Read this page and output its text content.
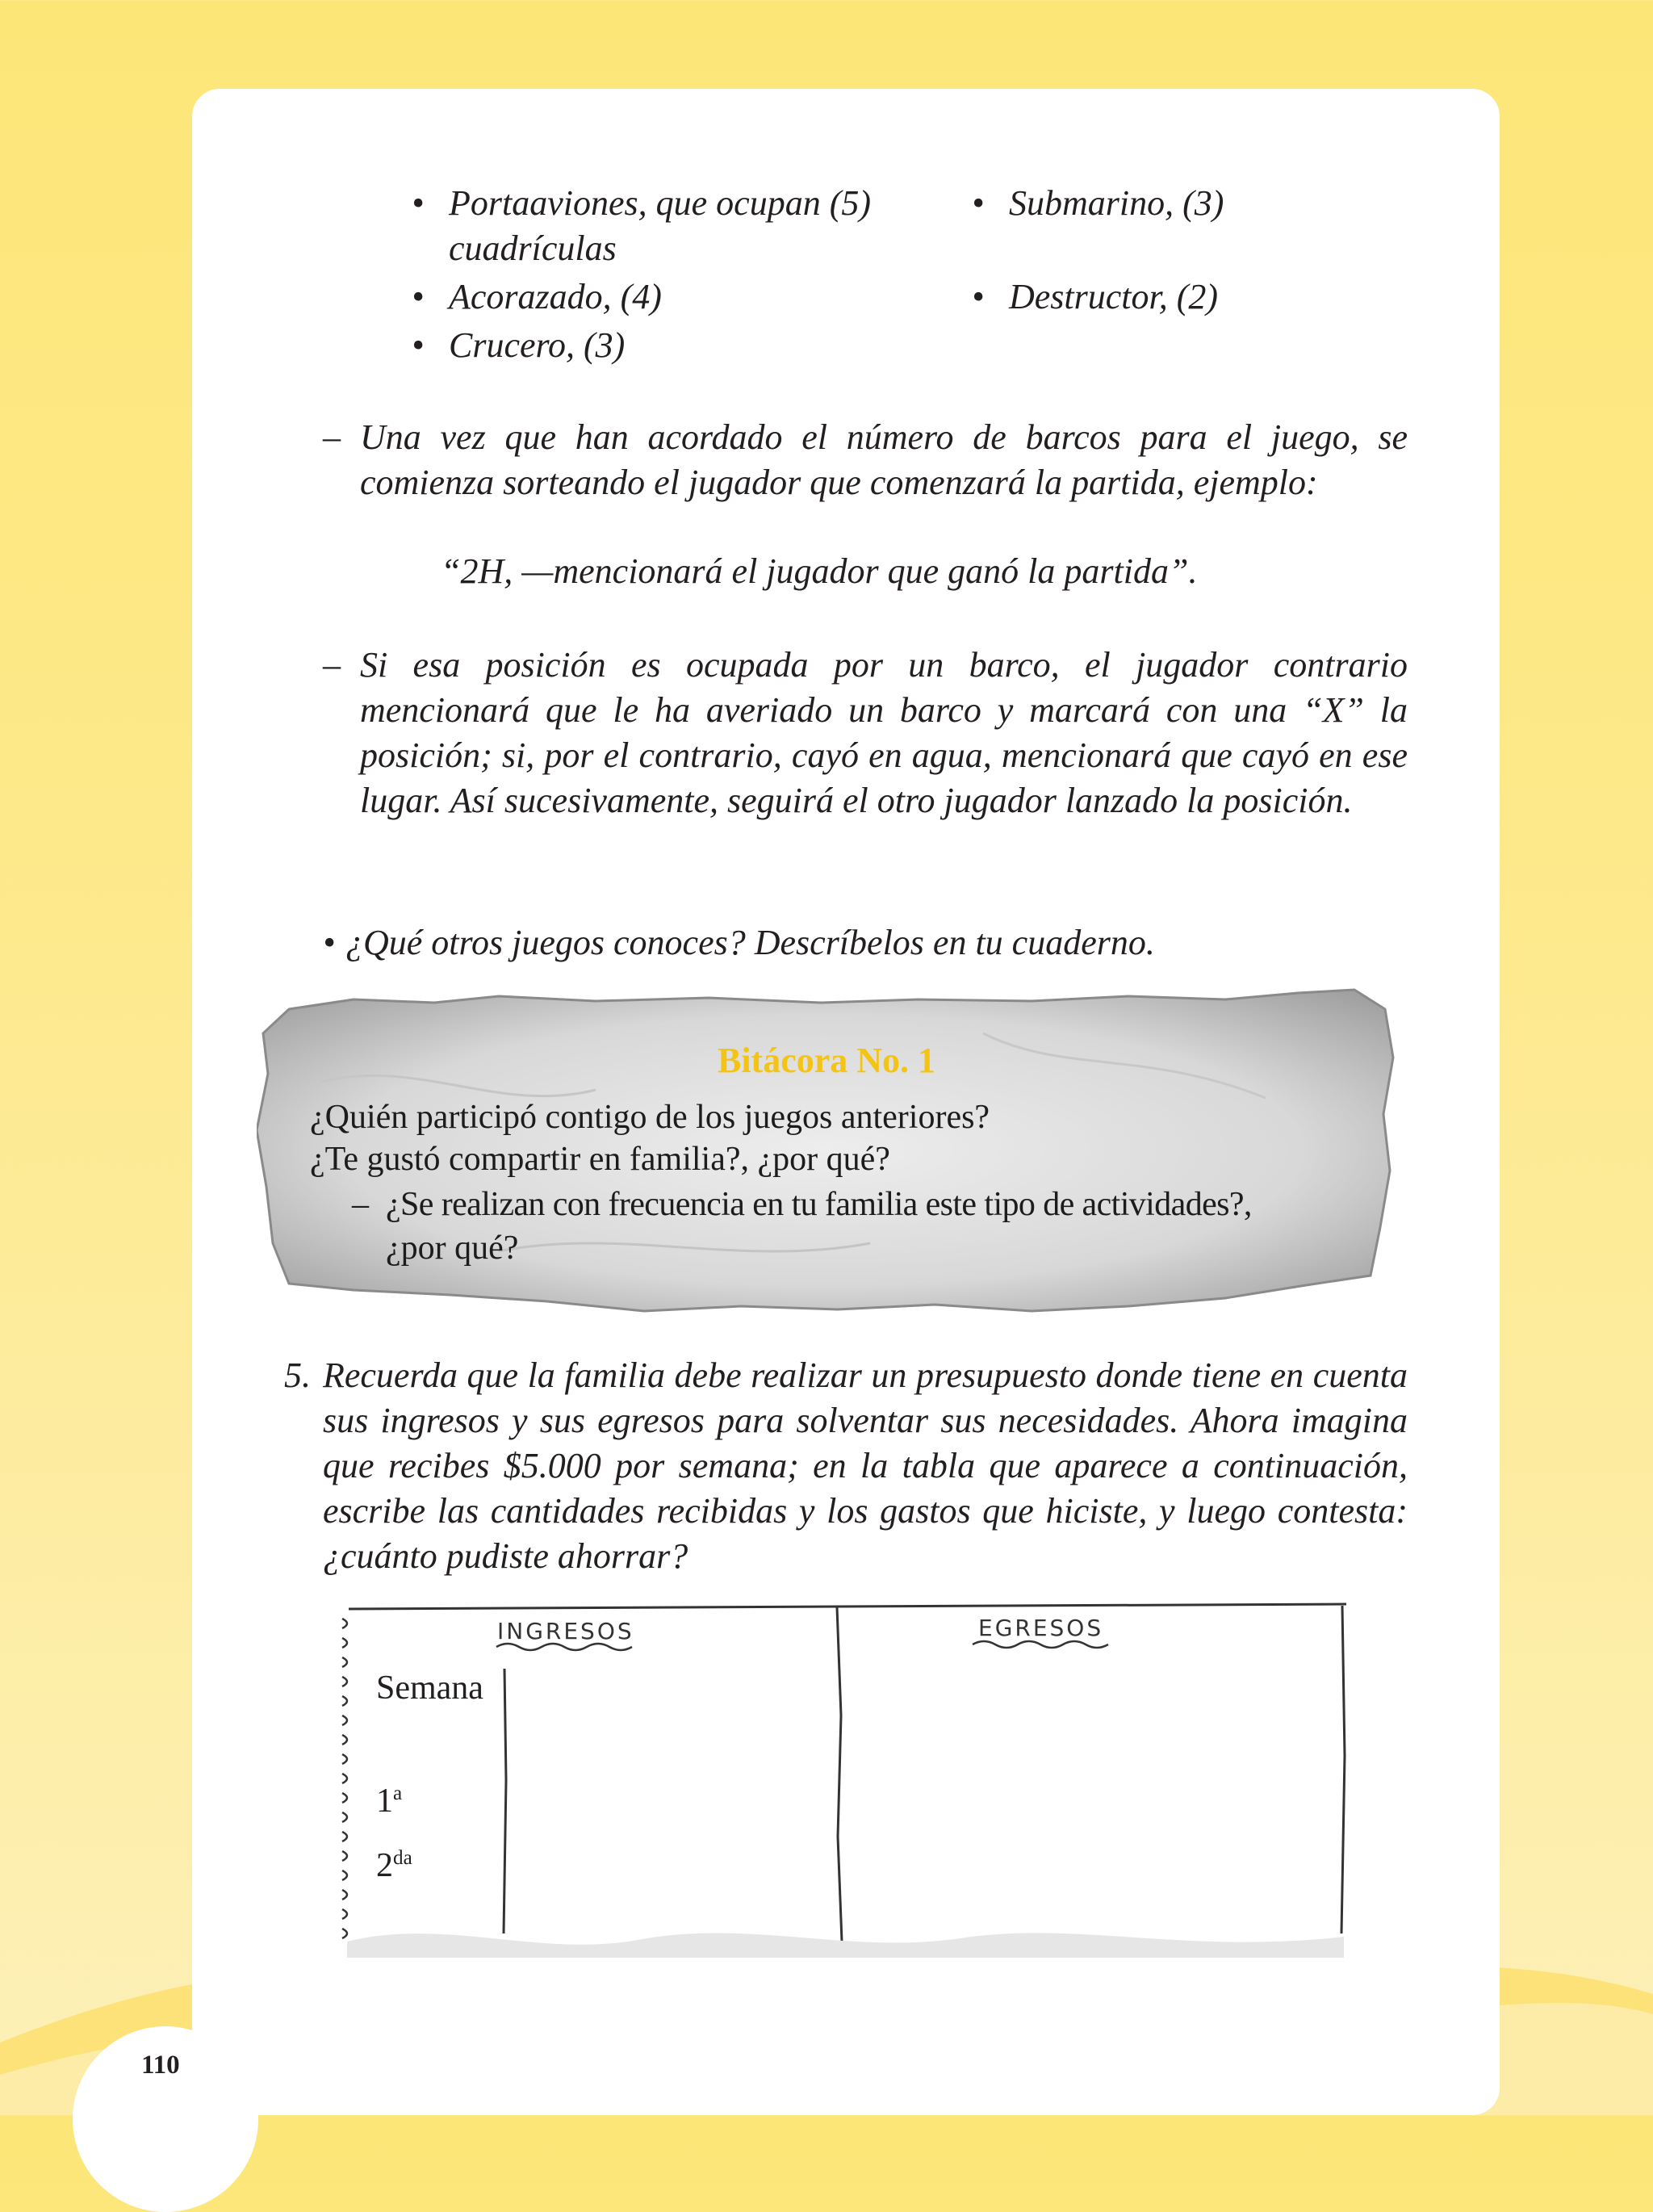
• Portaaviones, que ocupan (5) cuadrículas
• Acorazado, (4)
• Crucero, (3)
• Submarino, (3)
• Destructor, (2)
– Una vez que han acordado el número de barcos para el juego, se comienza sorteando el jugador que comenzará la partida, ejemplo:
“2H, —mencionará el jugador que ganó la partida”.
– Si esa posición es ocupada por un barco, el jugador contrario mencionará que le ha averiado un barco y marcará con una “X” la posición; si, por el contrario, cayó en agua, mencionará que cayó en ese lugar. Así sucesivamente, seguirá el otro jugador lanzado la posición.
• ¿Qué otros juegos conoces? Descríbelos en tu cuaderno.
Bitácora No. 1
¿Quién participó contigo de los juegos anteriores?
¿Te gustó compartir en familia?, ¿por qué?
– ¿Se realizan con frecuencia en tu familia este tipo de actividades?,
¿por qué?
5. Recuerda que la familia debe realizar un presupuesto donde tiene en cuenta sus ingresos y sus egresos para solventar sus necesidades. Ahora imagina que recibes $5.000 por semana; en la tabla que aparece a continuación, escribe las cantidades recibidas y los gastos que hiciste, y luego contesta: ¿cuánto pudiste ahorrar?
INGRESOS	EGRESOS
Semana
1$^a$
$2^{da}$
110
